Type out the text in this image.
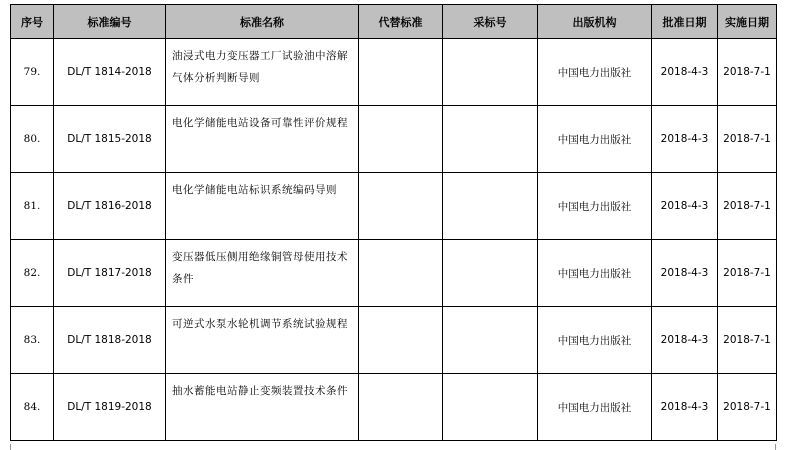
序号	标准编号	标准名称	代替标准	采标号	出版机构	批准日期	实施日期
79.	DL/T 1814-2018	油浸式电力变压器工厂试验油中溶解气体分析判断导则			中国电力出版社	2018-4-3	2018-7-1
80.	DL/T 1815-2018	电化学储能电站设备可靠性评价规程			中国电力出版社	2018-4-3	2018-7-1
81.	DL/T 1816-2018	电化学储能电站标识系统编码导则			中国电力出版社	2018-4-3	2018-7-1
82.	DL/T 1817-2018	变压器低压侧用绝缘铜管母使用技术条件			中国电力出版社	2018-4-3	2018-7-1
83.	DL/T 1818-2018	可逆式水泵水轮机调节系统试验规程			中国电力出版社	2018-4-3	2018-7-1
84.	DL/T 1819-2018	抽水蓄能电站静止变频装置技术条件			中国电力出版社	2018-4-3	2018-7-1
